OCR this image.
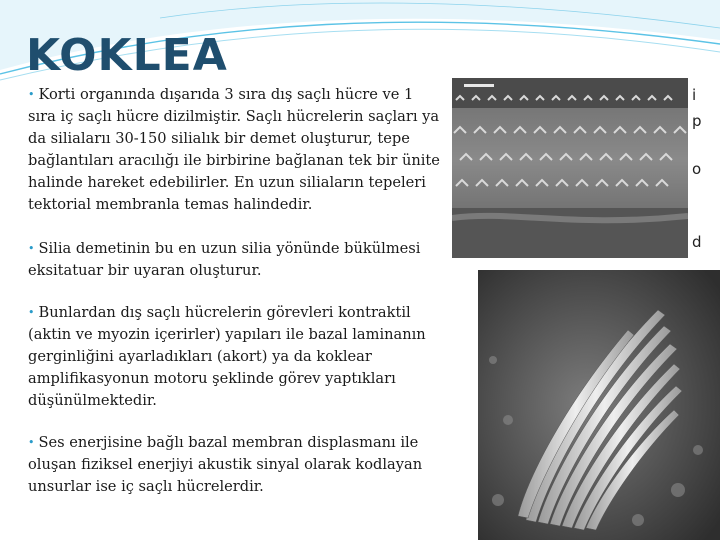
KOKLEA

• Korti organında dışarıda 3 sıra dış saçlı hücre ve 1 sıra iç saçlı hücre dizilmiştir. Saçlı hücrelerin saçları ya da silialarıı 30-150 silialık bir demet oluşturur, tepe bağlantıları aracılığı ile birbirine bağlanan tek bir ünite halinde hareket edebilirler. En uzun siliaların tepeleri tektorial membranla temas halindedir.

• Silia demetinin bu en uzun silia yönünde bükülmesi eksitatuar bir uyaran oluşturur.

• Bunlardan dış saçlı hücrelerin görevleri kontraktil (aktin ve myozin içerirler) yapıları ile bazal laminanın gerginliğini ayarladıkları (akort) ya da koklear amplifikasyonun motoru şeklinde görev yaptıkları düşünülmektedir.

• Ses enerjisine bağlı bazal membran displasmanı ile oluşan fiziksel enerjiyi akustik sinyal olarak kodlayan unsurlar ise iç saçlı hücrelerdir.

i
p
o
d
